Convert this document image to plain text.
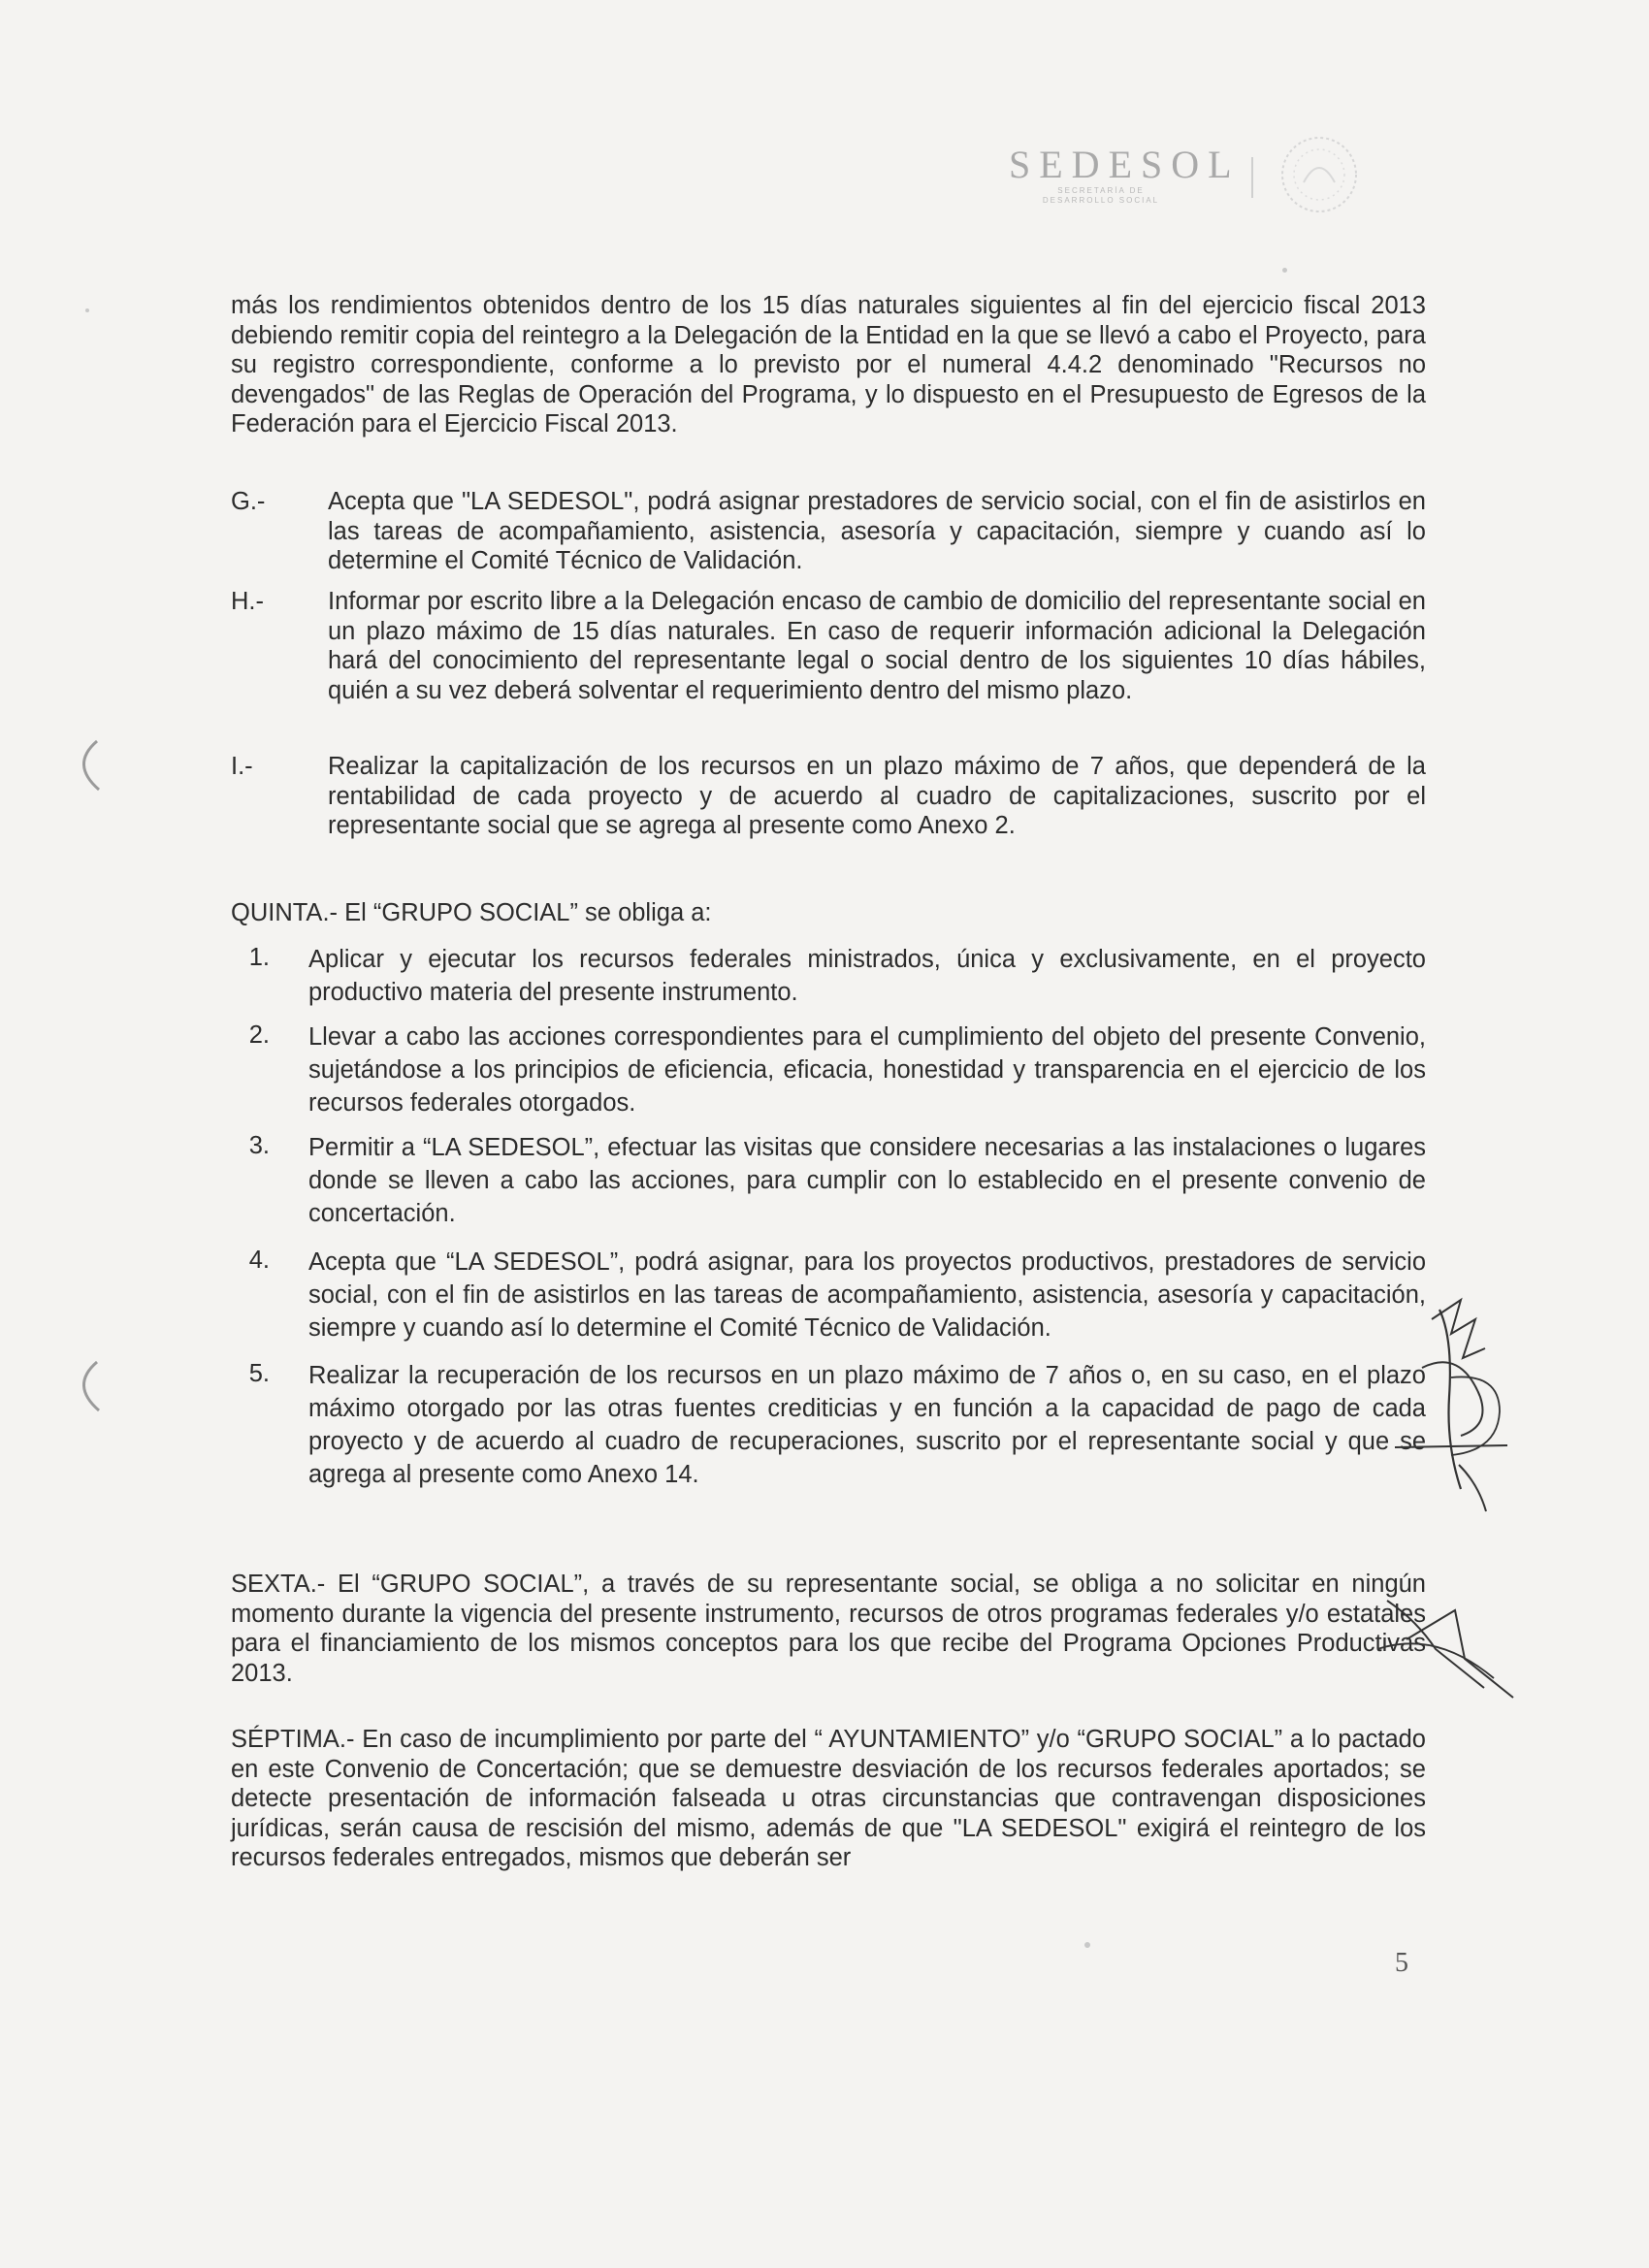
SEDESOL
SECRETARÍA DE
DESARROLLO SOCIAL

más los rendimientos obtenidos dentro de los 15 días naturales siguientes al fin del ejercicio fiscal 2013 debiendo remitir copia del reintegro a la Delegación de la Entidad en la que se llevó a cabo el Proyecto, para su registro correspondiente, conforme a lo previsto por el numeral 4.4.2 denominado "Recursos no devengados" de las Reglas de Operación del Programa, y lo dispuesto en el Presupuesto de Egresos de la Federación para el Ejercicio Fiscal 2013.

G.-	Acepta que "LA SEDESOL", podrá asignar prestadores de servicio social, con el fin de asistirlos en las tareas de acompañamiento, asistencia, asesoría y capacitación, siempre y cuando así lo determine el Comité Técnico de Validación.
H.-	Informar por escrito libre a la Delegación encaso de cambio de domicilio del representante social en un plazo máximo de 15 días naturales. En caso de requerir información adicional la Delegación hará del conocimiento del representante legal o social dentro de los siguientes 10 días hábiles, quién a su vez deberá solventar el requerimiento dentro del mismo plazo.
I.-	Realizar la capitalización de los recursos en un plazo máximo de 7 años, que dependerá de la rentabilidad de cada proyecto y de acuerdo al cuadro de capitalizaciones, suscrito por el representante social que se agrega al presente como Anexo 2.

QUINTA.- El “GRUPO SOCIAL” se obliga a:

1. Aplicar y ejecutar los recursos federales ministrados, única y exclusivamente, en el proyecto productivo materia del presente instrumento.
2. Llevar a cabo las acciones correspondientes para el cumplimiento del objeto del presente Convenio, sujetándose a los principios de eficiencia, eficacia, honestidad y transparencia en el ejercicio de los recursos federales otorgados.
3. Permitir a “LA SEDESOL”, efectuar las visitas que considere necesarias a las instalaciones o lugares donde se lleven a cabo las acciones, para cumplir con lo establecido en el presente convenio de concertación.
4. Acepta que “LA SEDESOL”, podrá asignar, para los proyectos productivos, prestadores de servicio social, con el fin de asistirlos en las tareas de acompañamiento, asistencia, asesoría y capacitación, siempre y cuando así lo determine el Comité Técnico de Validación.
5. Realizar la recuperación de los recursos en un plazo máximo de 7 años o, en su caso, en el plazo máximo otorgado por las otras fuentes crediticias y en función a la capacidad de pago de cada proyecto y de acuerdo al cuadro de recuperaciones, suscrito por el representante social y que se agrega al presente como Anexo 14.

SEXTA.- El “GRUPO SOCIAL”, a través de su representante social, se obliga a no solicitar en ningún momento durante la vigencia del presente instrumento, recursos de otros programas federales y/o estatales para el financiamiento de los mismos conceptos para los que recibe del Programa Opciones Productivas 2013.

SÉPTIMA.- En caso de incumplimiento por parte del “ AYUNTAMIENTO” y/o “GRUPO SOCIAL” a lo pactado en este Convenio de Concertación; que se demuestre desviación de los recursos federales aportados; se detecte presentación de información falseada u otras circunstancias que contravengan disposiciones jurídicas, serán causa de rescisión del mismo, además de que "LA SEDESOL" exigirá el reintegro de los recursos federales entregados, mismos que deberán ser

5
